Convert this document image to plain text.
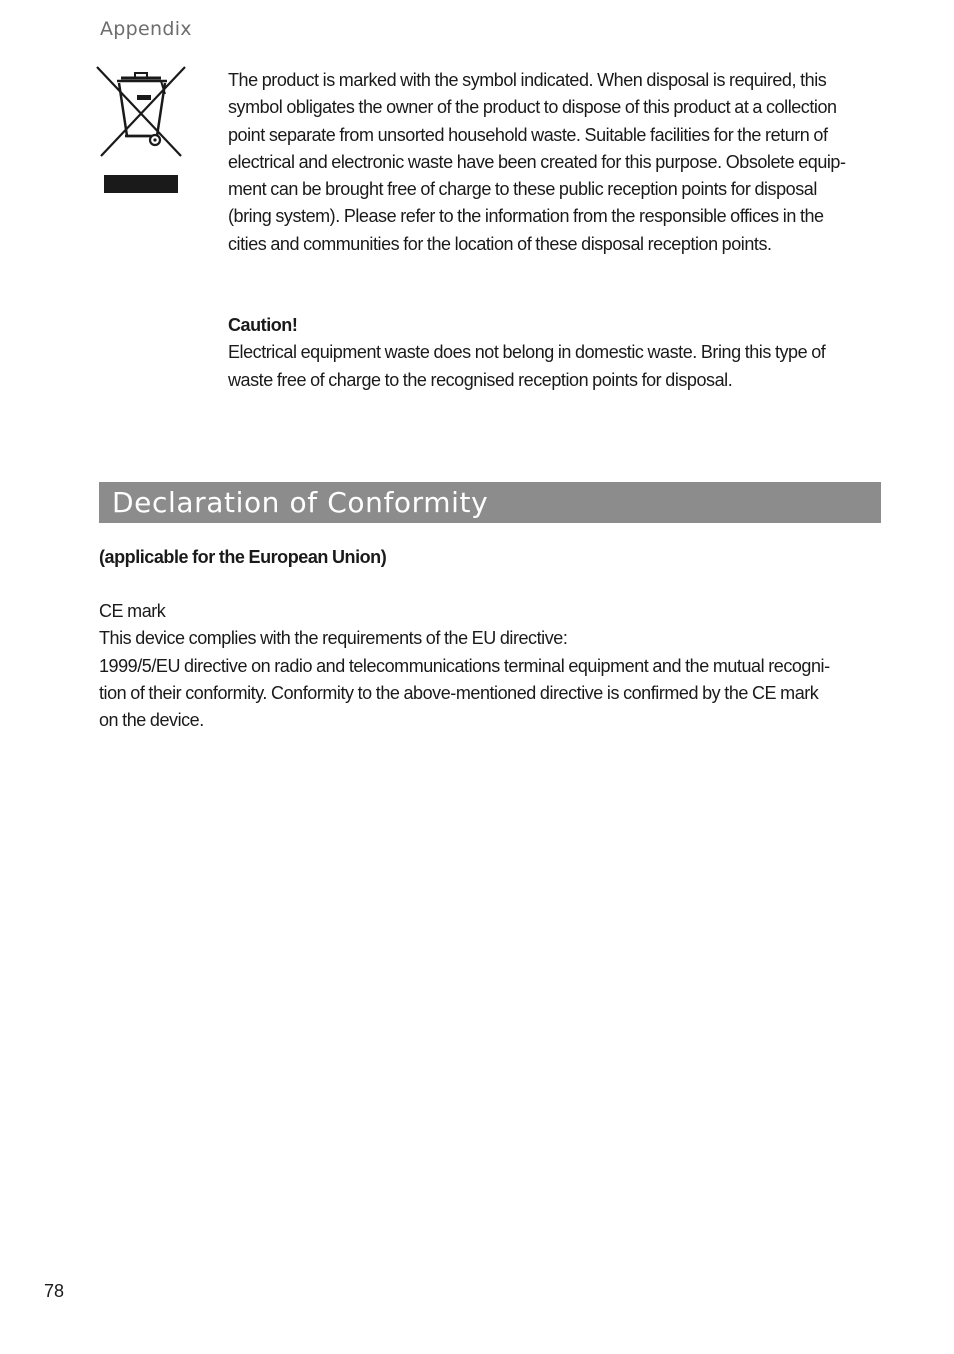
Appendix

The product is marked with the symbol indicated. When disposal is required, this
symbol obligates the owner of the product to dispose of this product at a collection
point separate from unsorted household waste. Suitable facilities for the return of
electrical and electronic waste have been created for this purpose. Obsolete equip-
ment can be brought free of charge to these public reception points for disposal
(bring system). Please refer to the information from the responsible offices in the
cities and communities for the location of these disposal reception points.

Caution!

Electrical equipment waste does not belong in domestic waste. Bring this type of
waste free of charge to the recognised reception points for disposal.

Declaration of Conformity

(applicable for the European Union)

CE mark

This device complies with the requirements of the EU directive:

1999/5/EU directive on radio and telecommunications terminal equipment and the mutual recogni-
tion of their conformity. Conformity to the above-mentioned directive is confirmed by the CE mark
on the device.

78
